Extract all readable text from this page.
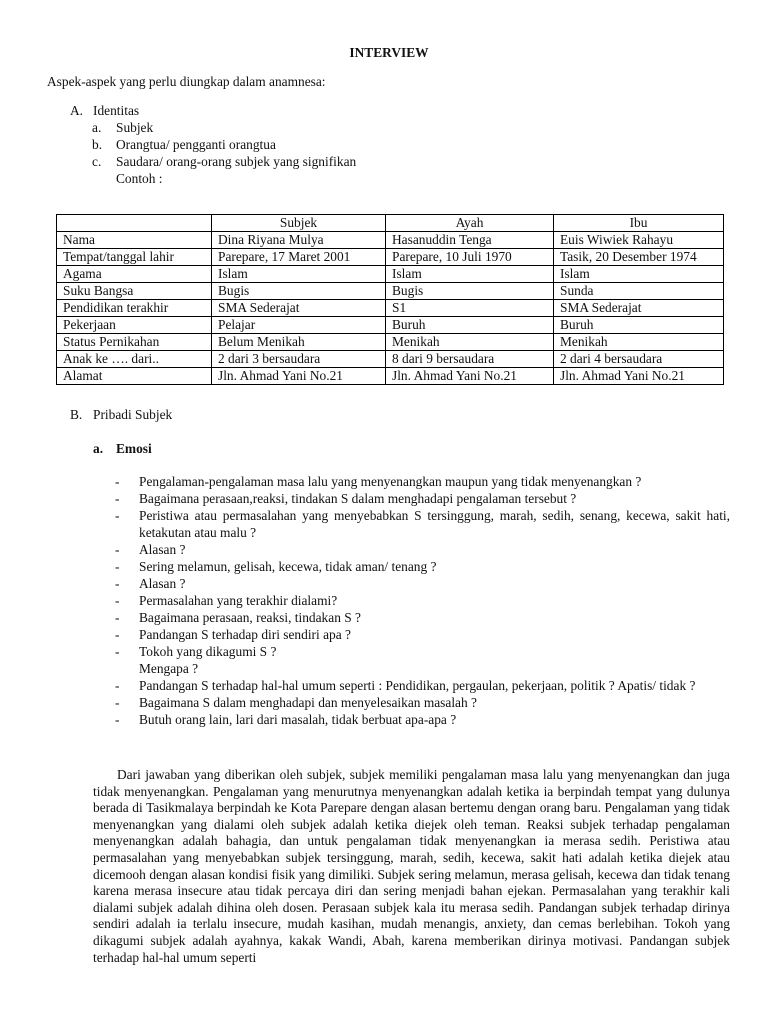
INTERVIEW
Aspek-aspek yang perlu diungkap dalam anamnesa:
A. Identitas
a. Subjek
b. Orangtua/ pengganti orangtua
c. Saudara/ orang-orang subjek yang signifikan
Contoh :
	Subjek	Ayah	Ibu
Nama	Dina Riyana Mulya	Hasanuddin Tenga	Euis Wiwiek Rahayu
Tempat/tanggal lahir	Parepare, 17 Maret 2001	Parepare, 10 Juli 1970	Tasik, 20 Desember 1974
Agama	Islam	Islam	Islam
Suku Bangsa	Bugis	Bugis	Sunda
Pendidikan terakhir	SMA Sederajat	S1	SMA Sederajat
Pekerjaan	Pelajar	Buruh	Buruh
Status Pernikahan	Belum Menikah	Menikah	Menikah
Anak ke …. dari..	2 dari 3 bersaudara	8 dari 9 bersaudara	2 dari 4 bersaudara
Alamat	Jln. Ahmad Yani No.21	Jln. Ahmad Yani No.21	Jln. Ahmad Yani No.21
B. Pribadi Subjek
a. Emosi
- Pengalaman-pengalaman masa lalu yang menyenangkan maupun yang tidak menyenangkan ?
- Bagaimana perasaan,reaksi, tindakan S dalam menghadapi pengalaman tersebut ?
- Peristiwa atau permasalahan yang menyebabkan S tersinggung, marah, sedih, senang, kecewa, sakit hati, ketakutan atau malu ?
- Alasan ?
- Sering melamun, gelisah, kecewa, tidak aman/ tenang ?
- Alasan ?
- Permasalahan yang terakhir dialami?
- Bagaimana perasaan, reaksi, tindakan S ?
- Pandangan S terhadap diri sendiri apa ?
- Tokoh yang dikagumi S ?
Mengapa ?
- Pandangan S terhadap hal-hal umum seperti : Pendidikan, pergaulan, pekerjaan, politik ? Apatis/ tidak ?
- Bagaimana S dalam menghadapi dan menyelesaikan masalah ?
- Butuh orang lain, lari dari masalah, tidak berbuat apa-apa ?
Dari jawaban yang diberikan oleh subjek, subjek memiliki pengalaman masa lalu yang menyenangkan dan juga tidak menyenangkan. Pengalaman yang menurutnya menyenangkan adalah ketika ia berpindah tempat yang dulunya berada di Tasikmalaya berpindah ke Kota Parepare dengan alasan bertemu dengan orang baru. Pengalaman yang tidak menyenangkan yang dialami oleh subjek adalah ketika diejek oleh teman. Reaksi subjek terhadap pengalaman menyenangkan adalah bahagia, dan untuk pengalaman tidak menyenangkan ia merasa sedih. Peristiwa atau permasalahan yang menyebabkan subjek tersinggung, marah, sedih, kecewa, sakit hati adalah ketika diejek atau dicemooh dengan alasan kondisi fisik yang dimiliki. Subjek sering melamun, merasa gelisah, kecewa dan tidak tenang karena merasa insecure atau tidak percaya diri dan sering menjadi bahan ejekan. Permasalahan yang terakhir kali dialami subjek adalah dihina oleh dosen. Perasaan subjek kala itu merasa sedih. Pandangan subjek terhadap dirinya sendiri adalah ia terlalu insecure, mudah kasihan, mudah menangis, anxiety, dan cemas berlebihan. Tokoh yang dikagumi subjek adalah ayahnya, kakak Wandi, Abah, karena memberikan dirinya motivasi. Pandangan subjek terhadap hal-hal umum seperti
